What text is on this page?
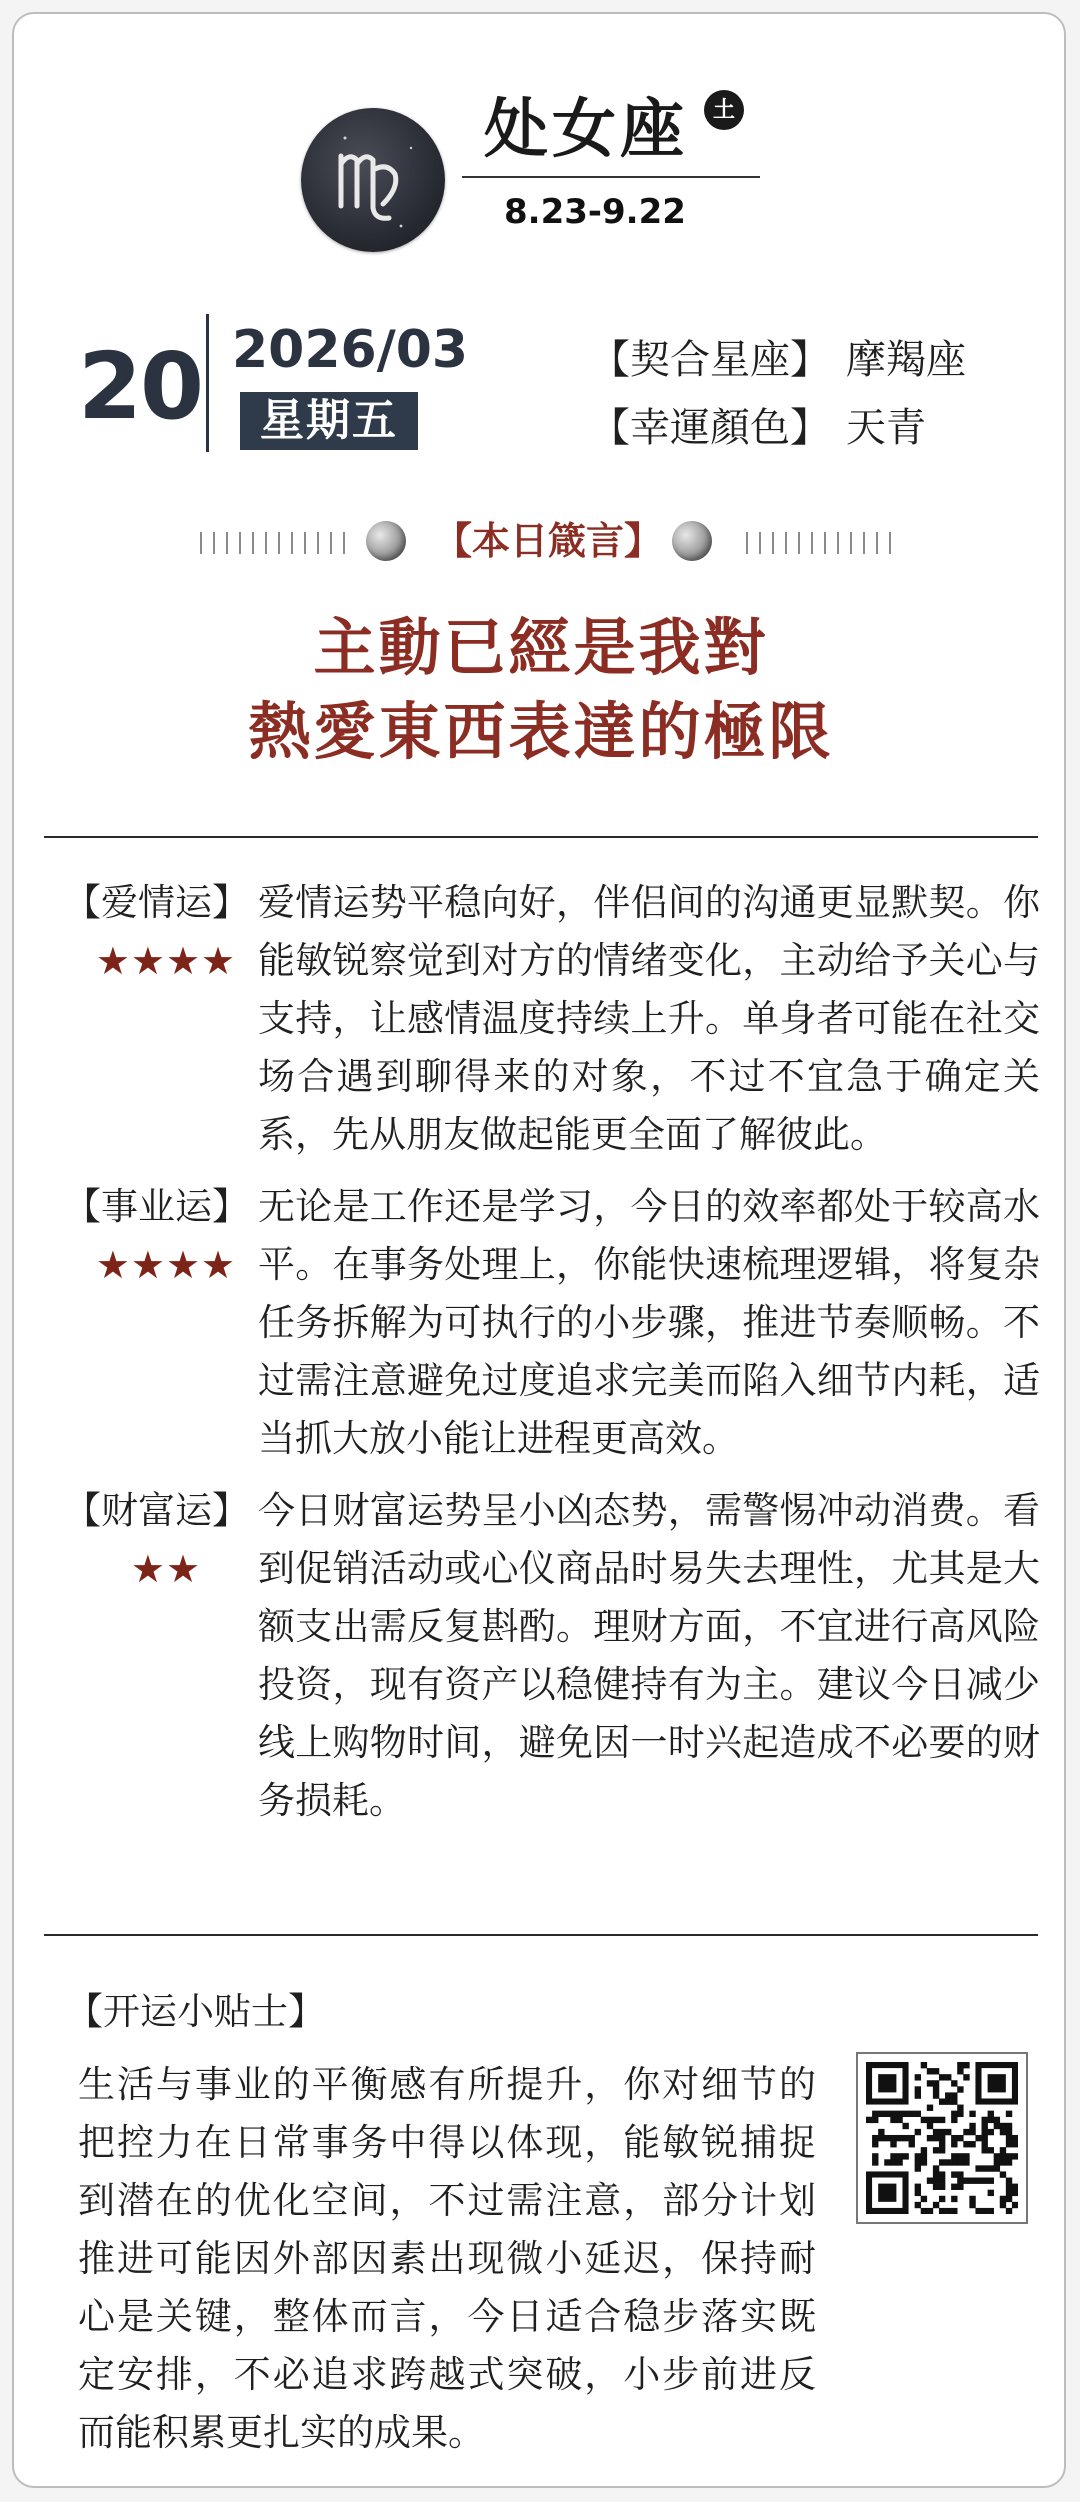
处女座	土
8.23-9.22
20 2026/03
星期五
【契合星座】 摩羯座
【幸運顏色】 天青
【本日箴言】
主動已經是我對
熱愛東西表達的極限
【爱情运】
★★★★
爱情运势平稳向好，伴侣间的沟通更显默契。你能敏锐察觉到对方的情绪变化，主动给予关心与支持，让感情温度持续上升。单身者可能在社交场合遇到聊得来的对象，不过不宜急于确定关系，先从朋友做起能更全面了解彼此。
【事业运】
★★★★
无论是工作还是学习，今日的效率都处于较高水平。在事务处理上，你能快速梳理逻辑，将复杂任务拆解为可执行的小步骤，推进节奏顺畅。不过需注意避免过度追求完美而陷入细节内耗，适当抓大放小能让进程更高效。
【财富运】
★★
今日财富运势呈小凶态势，需警惕冲动消费。看到促销活动或心仪商品时易失去理性，尤其是大额支出需反复斟酌。理财方面，不宜进行高风险投资，现有资产以稳健持有为主。建议今日减少线上购物时间，避免因一时兴起造成不必要的财务损耗。
【开运小贴士】
生活与事业的平衡感有所提升，你对细节的把控力在日常事务中得以体现，能敏锐捕捉到潜在的优化空间，不过需注意，部分计划推进可能因外部因素出现微小延迟，保持耐心是关键，整体而言，今日适合稳步落实既定安排，不必追求跨越式突破，小步前进反而能积累更扎实的成果。
